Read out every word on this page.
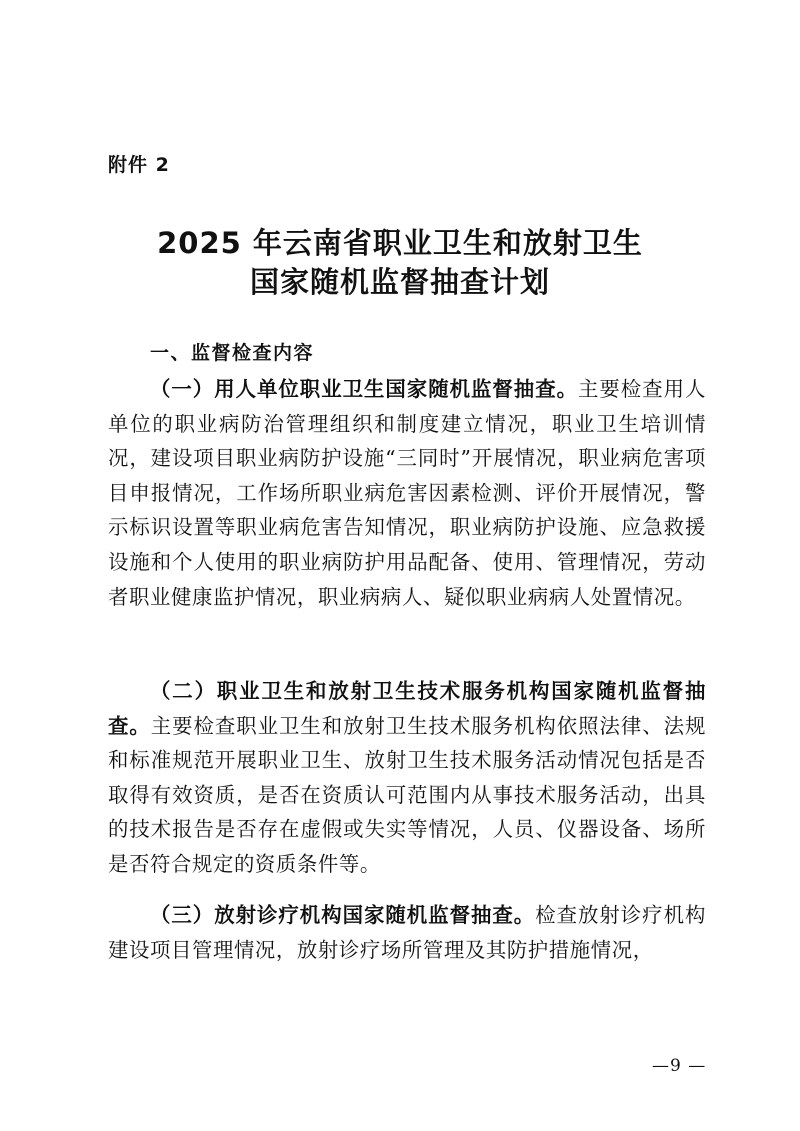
附件 2
2025 年云南省职业卫生和放射卫生
国家随机监督抽查计划
一、监督检查内容

（一）用人单位职业卫生国家随机监督抽查。主要检查用人单位的职业病防治管理组织和制度建立情况，职业卫生培训情况，建设项目职业病防护设施“三同时”开展情况，职业病危害项目申报情况，工作场所职业病危害因素检测、评价开展情况，警示标识设置等职业病危害告知情况，职业病防护设施、应急救援设施和个人使用的职业病防护用品配备、使用、管理情况，劳动者职业健康监护情况，职业病病人、疑似职业病病人处置情况。

（二）职业卫生和放射卫生技术服务机构国家随机监督抽查。主要检查职业卫生和放射卫生技术服务机构依照法律、法规和标准规范开展职业卫生、放射卫生技术服务活动情况包括是否取得有效资质，是否在资质认可范围内从事技术服务活动，出具的技术报告是否存在虚假或失实等情况，人员、仪器设备、场所是否符合规定的资质条件等。

（三）放射诊疗机构国家随机监督抽查。检查放射诊疗机构建设项目管理情况，放射诊疗场所管理及其防护措施情况，

—9 —
